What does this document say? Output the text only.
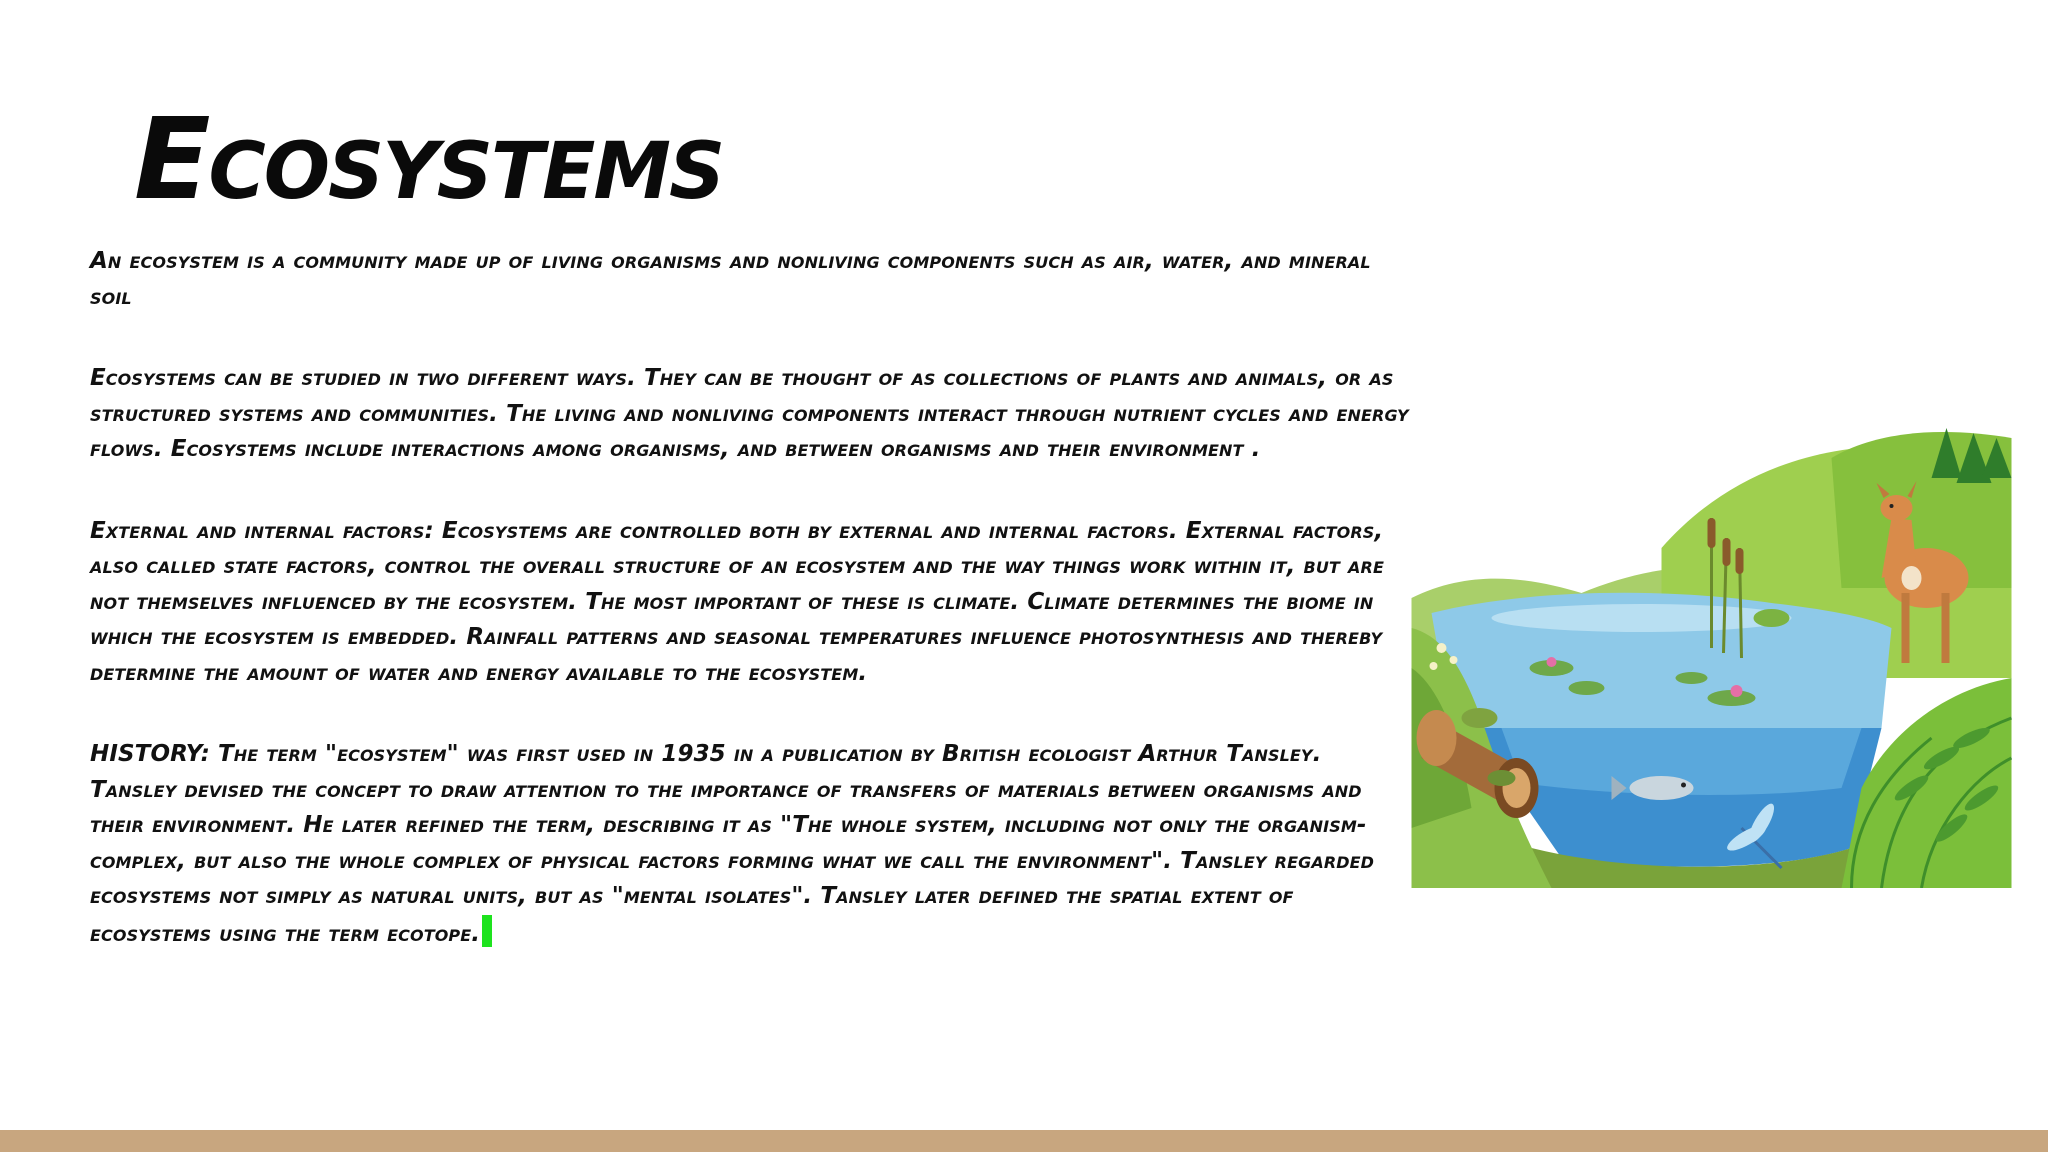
Ecosystems

An ecosystem is a community made up of living organisms and nonliving components such as air, water, and mineral soil

Ecosystems can be studied in two different ways. They can be thought of as collections of plants and animals, or as structured systems and communities. The living and nonliving components interact through nutrient cycles and energy flows. Ecosystems include interactions among organisms, and between organisms and their environment .

External and internal factors: Ecosystems are controlled both by external and internal factors. External factors, also called state factors, control the overall structure of an ecosystem and the way things work within it, but are not themselves influenced by the ecosystem. The most important of these is climate. Climate determines the biome in which the ecosystem is embedded. Rainfall patterns and seasonal temperatures influence photosynthesis and thereby determine the amount of water and energy available to the ecosystem.

HISTORY: The term "ecosystem" was first used in 1935 in a publication by British ecologist Arthur Tansley. Tansley devised the concept to draw attention to the importance of transfers of materials between organisms and their environment. He later refined the term, describing it as "The whole system, including not only the organism-complex, but also the whole complex of physical factors forming what we call the environment". Tansley regarded ecosystems not simply as natural units, but as "mental isolates". Tansley later defined the spatial extent of ecosystems using the term ecotope.
